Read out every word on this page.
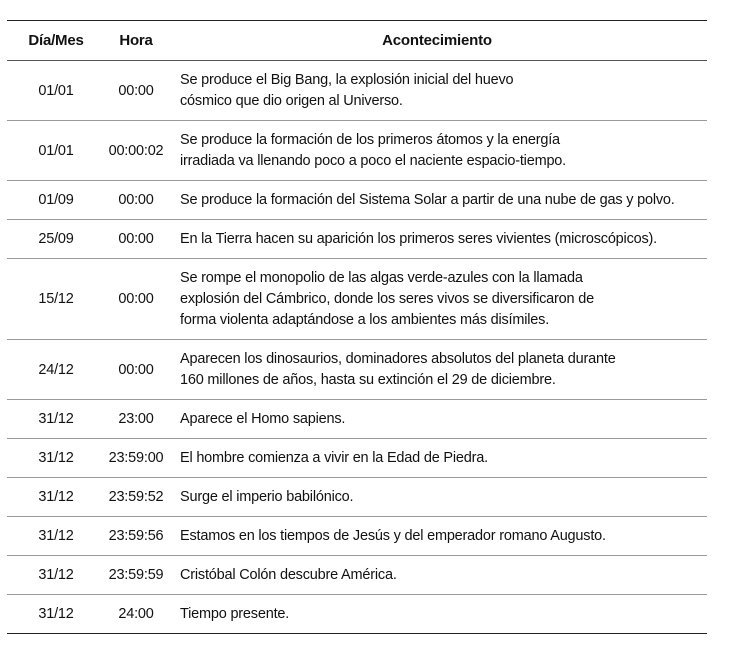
Día/Mes	Hora	Acontecimiento
01/01	00:00	Se produce el Big Bang, la explosión inicial del huevo
cósmico que dio origen al Universo.
01/01	00:00:02	Se produce la formación de los primeros átomos y la energía
irradiada va llenando poco a poco el naciente espacio-tiempo.
01/09	00:00	Se produce la formación del Sistema Solar a partir de una nube de gas y polvo.
25/09	00:00	En la Tierra hacen su aparición los primeros seres vivientes (microscópicos).
15/12	00:00	Se rompe el monopolio de las algas verde-azules con la llamada
explosión del Cámbrico, donde los seres vivos se diversificaron de
forma violenta adaptándose a los ambientes más disímiles.
24/12	00:00	Aparecen los dinosaurios, dominadores absolutos del planeta durante
160 millones de años, hasta su extinción el 29 de diciembre.
31/12	23:00	Aparece el Homo sapiens.
31/12	23:59:00	El hombre comienza a vivir en la Edad de Piedra.
31/12	23:59:52	Surge el imperio babilónico.
31/12	23:59:56	Estamos en los tiempos de Jesús y del emperador romano Augusto.
31/12	23:59:59	Cristóbal Colón descubre América.
31/12	24:00	Tiempo presente.
